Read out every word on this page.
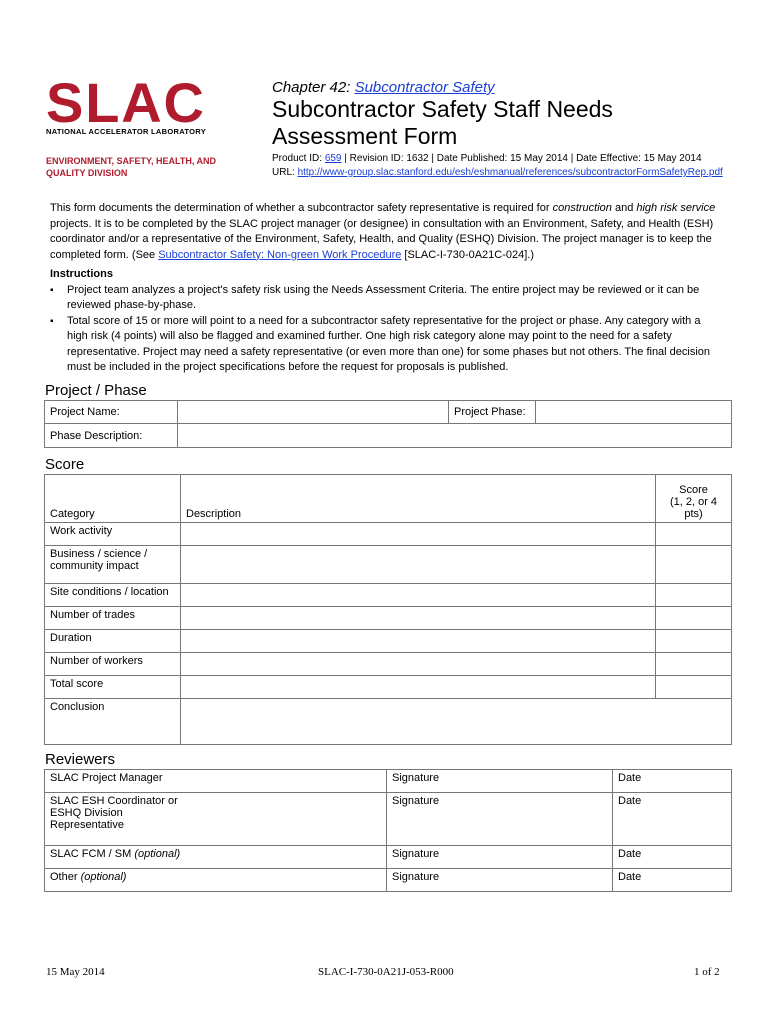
SLAC
NATIONAL ACCELERATOR LABORATORY
ENVIRONMENT, SAFETY, HEALTH, AND QUALITY DIVISION
Chapter 42: Subcontractor Safety
Subcontractor Safety Staff Needs Assessment Form
Product ID: 659 | Revision ID: 1632 | Date Published: 15 May 2014 | Date Effective: 15 May 2014
URL: http://www-group.slac.stanford.edu/esh/eshmanual/references/subcontractorFormSafetyRep.pdf

This form documents the determination of whether a subcontractor safety representative is required for construction and high risk service projects. It is to be completed by the SLAC project manager (or designee) in consultation with an Environment, Safety, and Health (ESH) coordinator and/or a representative of the Environment, Safety, Health, and Quality (ESHQ) Division. The project manager is to keep the completed form. (See Subcontractor Safety: Non-green Work Procedure [SLAC-I-730-0A21C-024].)

Instructions

▪ Project team analyzes a project's safety risk using the Needs Assessment Criteria. The entire project may be reviewed or it can be reviewed phase-by-phase.
▪ Total score of 15 or more will point to a need for a subcontractor safety representative for the project or phase. Any category with a high risk (4 points) will also be flagged and examined further. One high risk category alone may point to the need for a safety representative. Project may need a safety representative (or even more than one) for some phases but not others. The final decision must be included in the project specifications before the request for proposals is published.
Project / Phase
Project Name:		Project Phase:	
Phase Description:			
Score
Category	Description	Score
(1, 2, or 4 pts)

Work activity		
Business / science / community impact		
Site conditions / location		
Number of trades		
Duration		
Number of workers		
Total score		
Conclusion		
Reviewers
SLAC Project Manager	Signature	Date

SLAC ESH Coordinator or ESHQ Division Representative	Signature	Date
SLAC FCM / SM (optional)	Signature	Date
Other (optional)	Signature	Date
15 May 2014	SLAC-I-730-0A21J-053-R000	1 of 2
